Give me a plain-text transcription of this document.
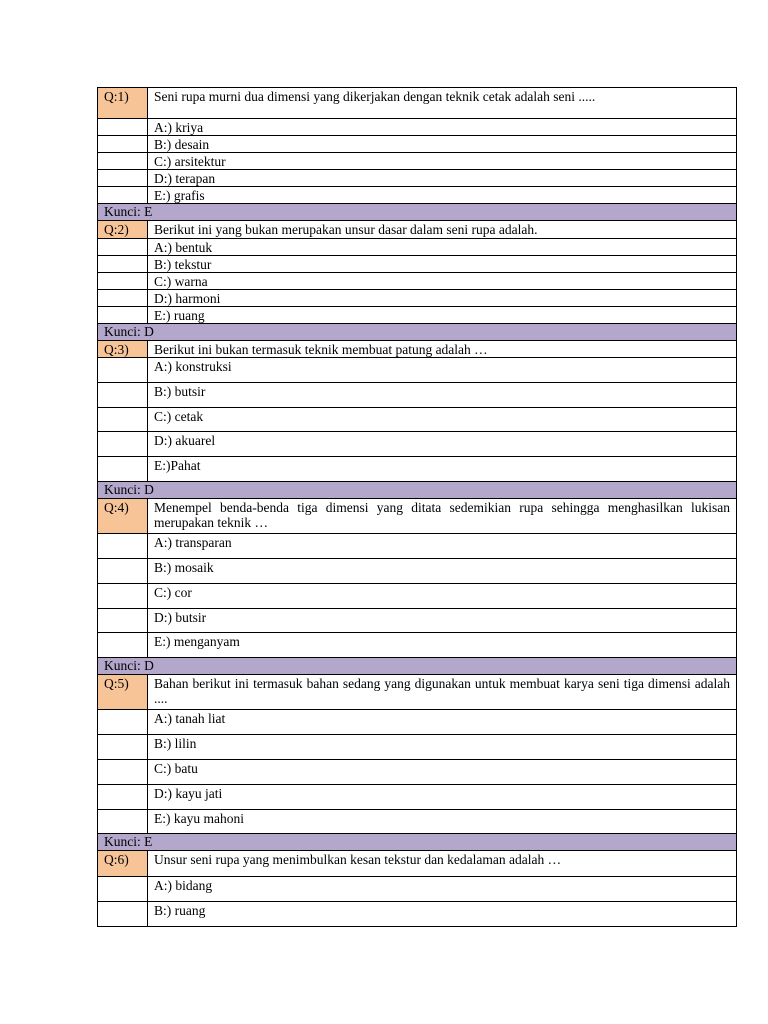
Q:1)	Seni rupa murni dua dimensi yang dikerjakan dengan teknik cetak adalah seni .....
	A:) kriya
	B:) desain
	C:) arsitektur
	D:) terapan
	E:) grafis
Kunci: E	
Q:2)	Berikut ini yang bukan merupakan unsur dasar dalam seni rupa adalah.
	A:) bentuk
	B:) tekstur
	C:) warna
	D:) harmoni
	E:) ruang
Kunci: D	
Q:3)	Berikut ini bukan termasuk teknik membuat patung adalah …
	A:) konstruksi
	B:) butsir
	C:) cetak
	D:) akuarel
	E:)Pahat
Kunci: D	
Q:4)	Menempel benda-benda tiga dimensi yang ditata sedemikian rupa sehingga menghasilkan lukisan merupakan teknik …
	A:) transparan
	B:) mosaik
	C:) cor
	D:) butsir
	E:) menganyam
Kunci: D	
Q:5)	Bahan berikut ini termasuk bahan sedang yang digunakan untuk membuat karya seni tiga dimensi adalah ....
	A:) tanah liat
	B:) lilin
	C:) batu
	D:) kayu jati
	E:) kayu mahoni
Kunci: E	
Q:6)	Unsur seni rupa yang menimbulkan kesan tekstur dan kedalaman adalah …
	A:) bidang
	B:) ruang
